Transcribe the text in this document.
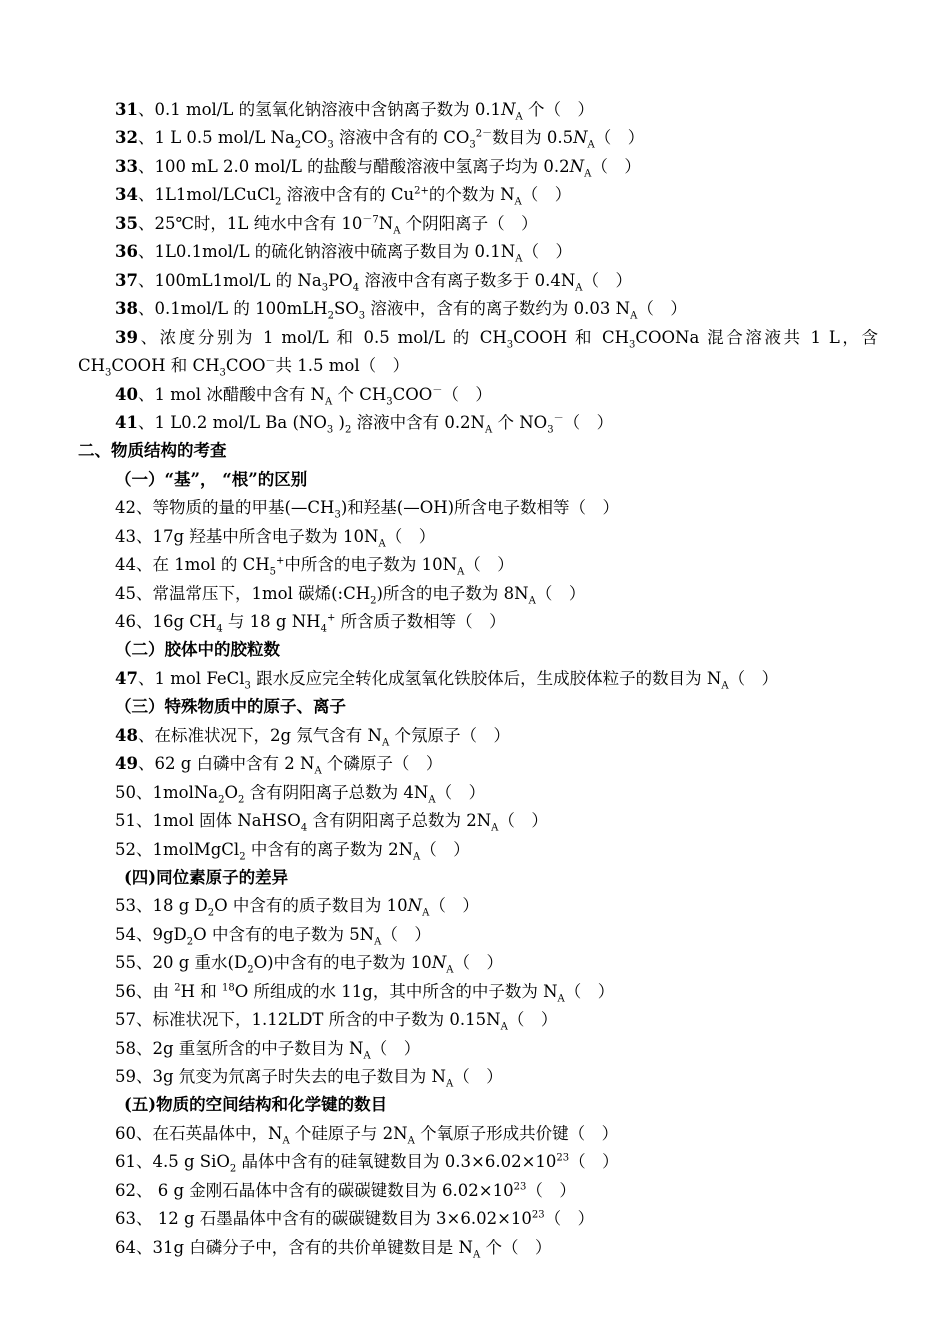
31、0.1 mol/L 的氢氧化钠溶液中含钠离子数为 $0.1N_A$ 个（　）
32、1 L 0.5 mol/L $Na_2CO_3$ 溶液中含有的 $CO_3^{2-}$数目为 $0.5N_A$（　）
33、100 mL 2.0 mol/L 的盐酸与醋酸溶液中氢离子均为 $0.2N_A$（　）
34、1L1mol/LCuCl$_2$ 溶液中含有的 $Cu^{2+}$的个数为 $N_A$（　）
35、25℃时，1L 纯水中含有 $10^{-7}N_A$ 个阴阳离子（　）
36、1L0.1mol/L 的硫化钠溶液中硫离子数目为 $0.1N_A$（　）
37、100mL1mol/L 的 $Na_3PO_4$ 溶液中含有离子数多于 $0.4N_A$（　）
38、0.1mol/L 的 $100mLH_2SO_3$ 溶液中，含有的离子数约为 0.03 $N_A$（　）
39、浓度分别为 1 mol/L 和 0.5 mol/L 的 $CH_3COOH$ 和 $CH_3COONa$ 混合溶液共 1 L，含 $CH_3COOH$ 和 $CH_3COO^-$共 1.5 mol（　）
40、1 mol 冰醋酸中含有 $N_A$ 个 $CH_3COO^-$（　）
41、1 L0.2 mol/L Ba ($NO_3$ )$_2$ 溶液中含有 $0.2N_A$ 个 $NO_3^-$（　）
二、物质结构的考查
（一）“基”， “根”的区别
42、等物质的量的甲基$(—CH_3)$和羟基(—OH)所含电子数相等（　）
43、17g 羟基中所含电子数为 $10N_A$（　）
44、在 1mol 的 $CH_5^+$中所含的电子数为 $10N_A$（　）
45、常温常压下，1mol 碳烯$(:CH_2)$所含的电子数为 $8N_A$（　）
46、16g $CH_4$ 与 18 g $NH_4^+$ 所含质子数相等（　）
（二）胶体中的胶粒数
47、1 mol FeCl$_3$ 跟水反应完全转化成氢氧化铁胶体后，生成胶体粒子的数目为 $N_A$（　）
（三）特殊物质中的原子、离子
48、在标准状况下，2g 氖气含有 $N_A$ 个氖原子（　）
49、62 g 白磷中含有 2 $N_A$ 个磷原子（　）
50、$1molNa_2O_2$ 含有阴阳离子总数为 $4N_A$（　）
51、1mol 固体 NaHSO$_4$ 含有阴阳离子总数为 $2N_A$（　）
52、1molMgCl$_2$ 中含有的离子数为 $2N_A$（　）
(四)同位素原子的差异
53、18 g $D_2O$ 中含有的质子数目为 $10N_A$（　）
54、$9gD_2O$ 中含有的电子数为 $5N_A$（　）
55、20 g 重水$(D_2O)$中含有的电子数为 $10N_A$（　）
56、由 $^2$H 和 $^{18}$O 所组成的水 11g，其中所含的中子数为 $N_A$（　）
57、标准状况下，1.12LDT 所含的中子数为 $0.15N_A$（　）
58、2g 重氢所含的中子数目为 $N_A$（　）
59、3g 氘变为氘离子时失去的电子数目为 $N_A$（　）
(五)物质的空间结构和化学键的数目
60、在石英晶体中，$N_A$ 个硅原子与 $2N_A$ 个氧原子形成共价键（　）
61、4.5 g SiO$_2$ 晶体中含有的硅氧键数目为 $0.3\times 6.02\times 10^{23}$（　）
62、 6 g 金刚石晶体中含有的碳碳键数目为 $6.02\times 10^{23}$（　）
63、 12 g 石墨晶体中含有的碳碳键数目为 $3\times 6.02\times 10^{23}$（　）
64、31g 白磷分子中，含有的共价单键数目是 $N_A$ 个（　）
